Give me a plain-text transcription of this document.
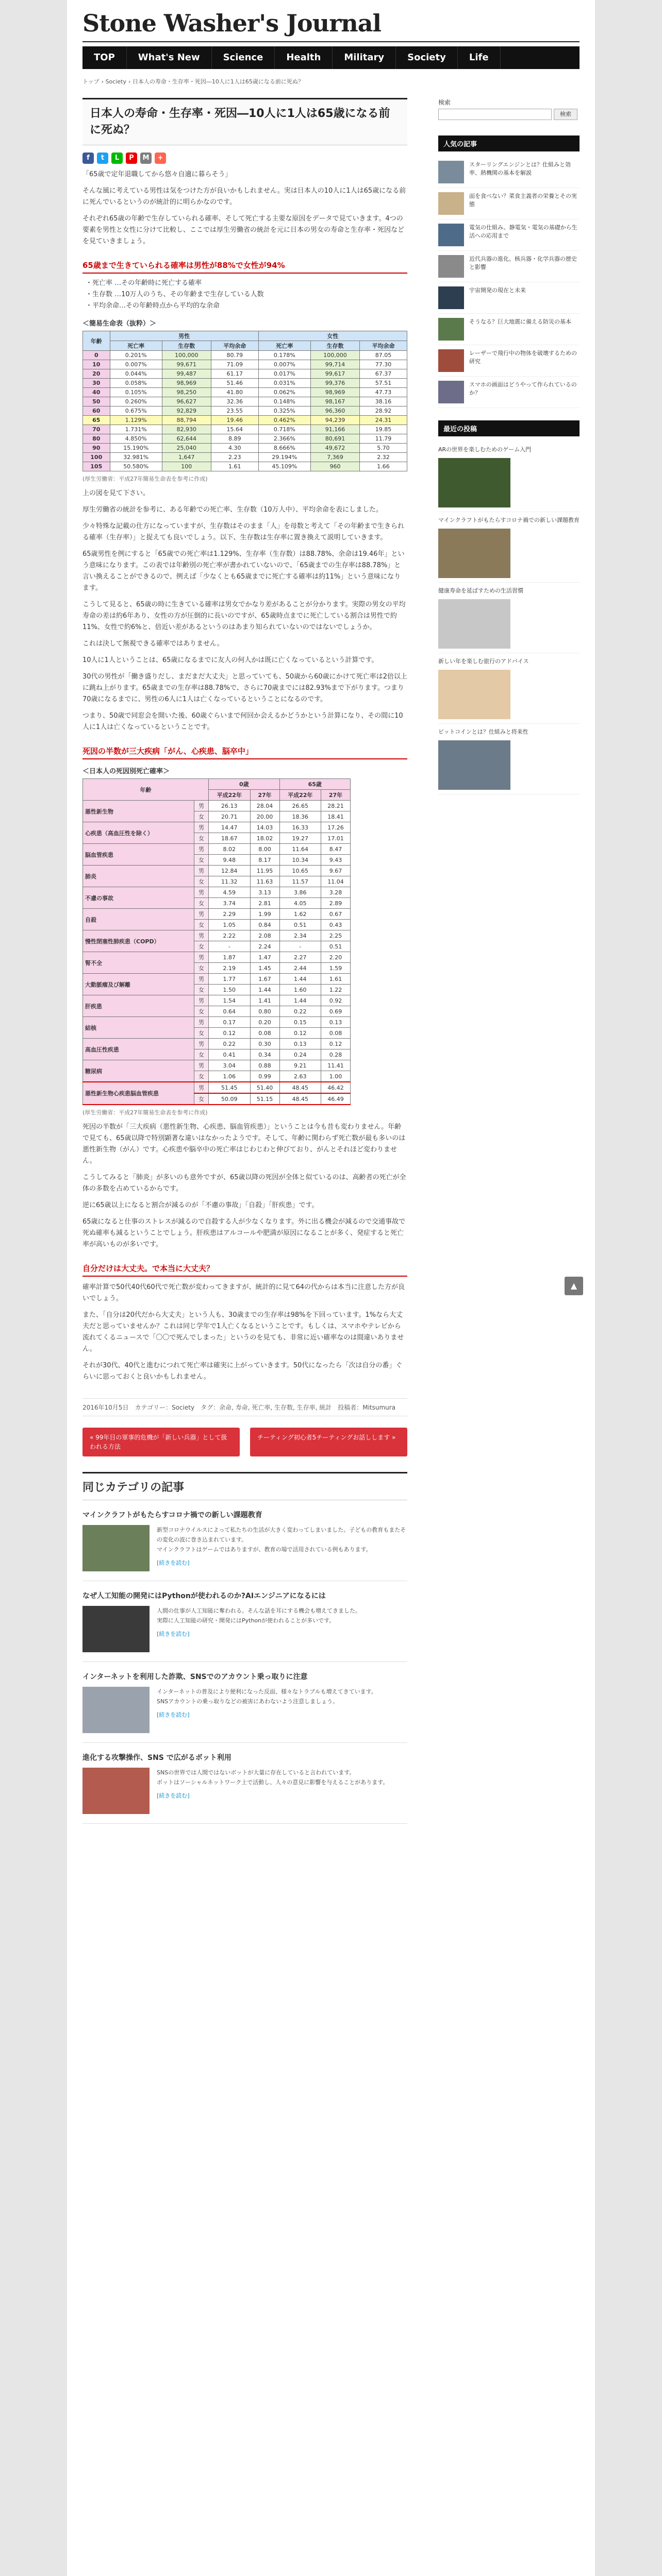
Stone Washer's Journal
TOP	What's New	Science	Health	Military	Society	Life
トップ › Society › 日本人の寿命・生存率・死因―10人に1人は65歳になる前に死ぬ？
日本人の寿命・生存率・死因―10人に1人は65歳になる前に死ぬ？
f	t	L	P	M	+

「65歳で定年退職してから悠々自適に暮らそう」

そんな風に考えている男性は気をつけた方が良いかもしれません。実は日本人の10人に1人は65歳になる前に死んでいるというのが統計的に明らかなのです。

それぞれ65歳の年齢で生存していられる確率、そして死亡する主要な原因をデータで見ていきます。4つの要素を男性と女性に分けて比較し、ここでは厚生労働省の統計を元に日本の男女の寿命と生存率・死因などを見ていきましょう。

65歳まで生きていられる確率は男性が88%で女性が94%
・死亡率 …その年齢時に死亡する確率
・生存数 …10万人のうち、その年齢まで生存している人数
・平均余命…その年齢時点から平均的な余命
＜簡易生命表（抜粋）＞
年齢	男性			女性		
	死亡率	生存数	平均余命	死亡率	生存数	平均余命
0	0.201%	100,000	80.79	0.178%	100,000	87.05
10	0.007%	99,671	71.09	0.007%	99,714	77.30
20	0.044%	99,487	61.17	0.017%	99,617	67.37
30	0.058%	98,969	51.46	0.031%	99,376	57.51
40	0.105%	98,250	41.80	0.062%	98,969	47.73
50	0.260%	96,627	32.36	0.148%	98,167	38.16
60	0.675%	92,829	23.55	0.325%	96,360	28.92
65	1.129%	88,794	19.46	0.462%	94,239	24.31
70	1.731%	82,930	15.64	0.718%	91,166	19.85
80	4.850%	62,644	8.89	2.366%	80,691	11.79
90	15.190%	25,040	4.30	8.666%	49,672	5.70
100	32.981%	1,647	2.23	29.194%	7,369	2.32
105	50.580%	100	1.61	45.109%	960	1.66
(厚生労働省：平成27年簡易生命表を参考に作成)

上の図を見て下さい。

厚生労働省の統計を参考に、ある年齢での死亡率、生存数（10万人中）、平均余命を表にしました。

少々特殊な記載の仕方になっていますが、生存数はそのまま「人」を母数と考えて「その年齢まで生きられる確率（生存率）」と捉えても良いでしょう。以下、生存数は生存率に置き換えて説明していきます。

65歳男性を例にすると「65歳での死亡率は1.129%、生存率（生存数）は88.78%、余命は19.46年」という意味になります。この表では年齢別の死亡率が書かれていないので、「65歳までの生存率は88.78%」と言い換えることができるので、例えば「少なくとも65歳までに死亡する確率は約11%」という意味になります。

こうして見ると、65歳の時に生きている確率は男女でかなり差があることが分かります。実際の男女の平均寿命の差は約6年あり、女性の方が圧倒的に長いのですが、65歳時点までに死亡している割合は男性で約11%、女性で約6%と、倍近い差があるというのはあまり知られていないのではないでしょうか。

これは決して無視できる確率ではありません。

10人に1人ということは、65歳になるまでに友人の何人かは既に亡くなっているという計算です。

30代の男性が「働き盛りだし、まだまだ大丈夫」と思っていても、50歳から60歳にかけて死亡率は2倍以上に跳ね上がります。65歳までの生存率は88.78%で、さらに70歳までには82.93%まで下がります。つまり70歳になるまでに、男性の6人に1人は亡くなっているということになるのです。

つまり、50歳で同窓会を開いた後、60歳ぐらいまで何回か会えるかどうかという計算になり、その間に10人に1人は亡くなっているということです。

死因の半数が三大疾病「がん、心疾患、脳卒中」
＜日本人の死因別死亡確率＞
年齢		0歳		65歳	
		平成22年	27年	平成22年	27年
悪性新生物	男	26.13	28.04	26.65	28.21
	女	20.71	20.00	18.36	18.41
心疾患（高血圧性を除く）	男	14.47	14.03	16.33	17.26
	女	18.67	18.02	19.27	17.01
脳血管疾患	男	8.02	8.00	11.64	8.47
	女	9.48	8.17	10.34	9.43
肺炎	男	12.84	11.95	10.65	9.67
	女	11.32	11.63	11.57	11.04
不慮の事故	男	4.59	3.13	3.86	3.28
	女	3.74	2.81	4.05	2.89
自殺	男	2.29	1.99	1.62	0.67
	女	1.05	0.84	0.51	0.43
慢性閉塞性肺疾患（COPD）	男	2.22	2.08	2.34	2.25
	女	-	2.24	-	0.51
腎不全	男	1.87	1.47	2.27	2.20
	女	2.19	1.45	2.44	1.59
大動脈瘤及び解離	男	1.77	1.67	1.44	1.61
	女	1.50	1.44	1.60	1.22
肝疾患	男	1.54	1.41	1.44	0.92
	女	0.64	0.80	0.22	0.69
結核	男	0.17	0.20	0.15	0.13
	女	0.12	0.08	0.12	0.08
高血圧性疾患	男	0.22	0.30	0.13	0.12
	女	0.41	0.34	0.24	0.28
糖尿病	男	3.04	0.88	9.21	11.41
	女	1.06	0.99	2.63	1.00
悪性新生物心疾患脳血管疾患	男	51.45	51.40	48.45	46.42
	女	50.09	51.15	48.45	46.49
(厚生労働省：平成27年簡易生命表を参考に作成)

死因の半数が「三大疾病（悪性新生物、心疾患、脳血管疾患）」ということは今も昔も変わりません。年齢で見ても、65歳以降で特別顕著な違いはなかったようです。そして、年齢に関わらず死亡数が最も多いのは悪性新生物（がん）です。心疾患や脳卒中の死亡率はじわじわと伸びており、がんとそれほど変わりません。

こうしてみると「肺炎」が多いのも意外ですが、65歳以降の死因が全体と似ているのは、高齢者の死亡が全体の多数を占めているからです。

逆に65歳以上になると割合が減るのが「不慮の事故」「自殺」「肝疾患」です。

65歳になると仕事のストレスが減るので自殺する人が少なくなります。外に出る機会が減るので交通事故で死ぬ確率も減るということでしょう。肝疾患はアルコールや肥満が原因になることが多く、発症すると死亡率が高いものが多いです。

自分だけは大丈夫。で本当に大丈夫？

確率計算で50代40代60代で死亡数が変わってきますが、統計的に見て64の代からは本当に注意した方が良いでしょう。

また、「自分は20代だから大丈夫」という人も、30歳までの生存率は98%を下回っています。1%なら大丈夫だと思っていませんか？これは同じ学年で1人亡くなるということです。もしくは、スマホやテレビから流れてくるニュースで「〇〇で死んでしまった」というのを見ても、非常に近い確率なのは間違いありません。

それが30代、40代と進むにつれて死亡率は確実に上がっていきます。50代になったら「次は自分の番」ぐらいに思っておくと良いかもしれません。

2016年10月5日 カテゴリー：Society タグ：余命, 寿命, 死亡率, 生存数, 生存率, 統計 投稿者：Mitsumura
« 99年目の軍事的危機が「新しい兵器」として扱われる方法
チーティング初心者5チーティングお話しします »
同じカテゴリの記事
マインクラフトがもたらすコロナ禍での新しい課題教育
新型コロナウイルスによって私たちの生活が大きく変わってしまいました。子どもの教育もまたその変化の波に巻き込まれています。
マインクラフトはゲームではありますが、教育の場で活用されている例もあります。
[続きを読む]
なぜ人工知能の開発にはPythonが使われるのか?AIエンジニアになるには
人間の仕事が人工知能に奪われる。そんな話を耳にする機会も増えてきました。
実際に人工知能の研究・開発にはPythonが使われることが多いです。
[続きを読む]
インターネットを利用した詐欺、SNSでのアカウント乗っ取りに注意
インターネットの普及により便利になった反面、様々なトラブルも増えてきています。
SNSアカウントの乗っ取りなどの被害にあわないよう注意しましょう。
[続きを読む]
進化する攻撃操作、SNS で広がるボット利用
SNSの世界では人間ではないボットが大量に存在していると言われています。
ボットはソーシャルネットワーク上で活動し、人々の意見に影響を与えることがあります。
[続きを読む]
検索
検索
人気の記事
スターリングエンジンとは？仕組みと効率、熱機関の基本を解説
面を食べない？菜食主義者の栄養とその実態
電気の仕組み。静電気・電気の基礎から生活への応用まで
近代兵器の進化。核兵器・化学兵器の歴史と影響
宇宙開発の現在と未来
そうなる？巨大地震に備える防災の基本
レーザーで飛行中の物体を破壊するための研究
スマホの画面はどうやって作られているのか？
最近の投稿
ARの世界を楽しむためのゲーム入門
マインクラフトがもたらすコロナ禍での新しい課題教育
健康寿命を延ばすための生活習慣
新しい年を楽しむ旅行のアドバイス
ビットコインとは？仕組みと将来性
▲
